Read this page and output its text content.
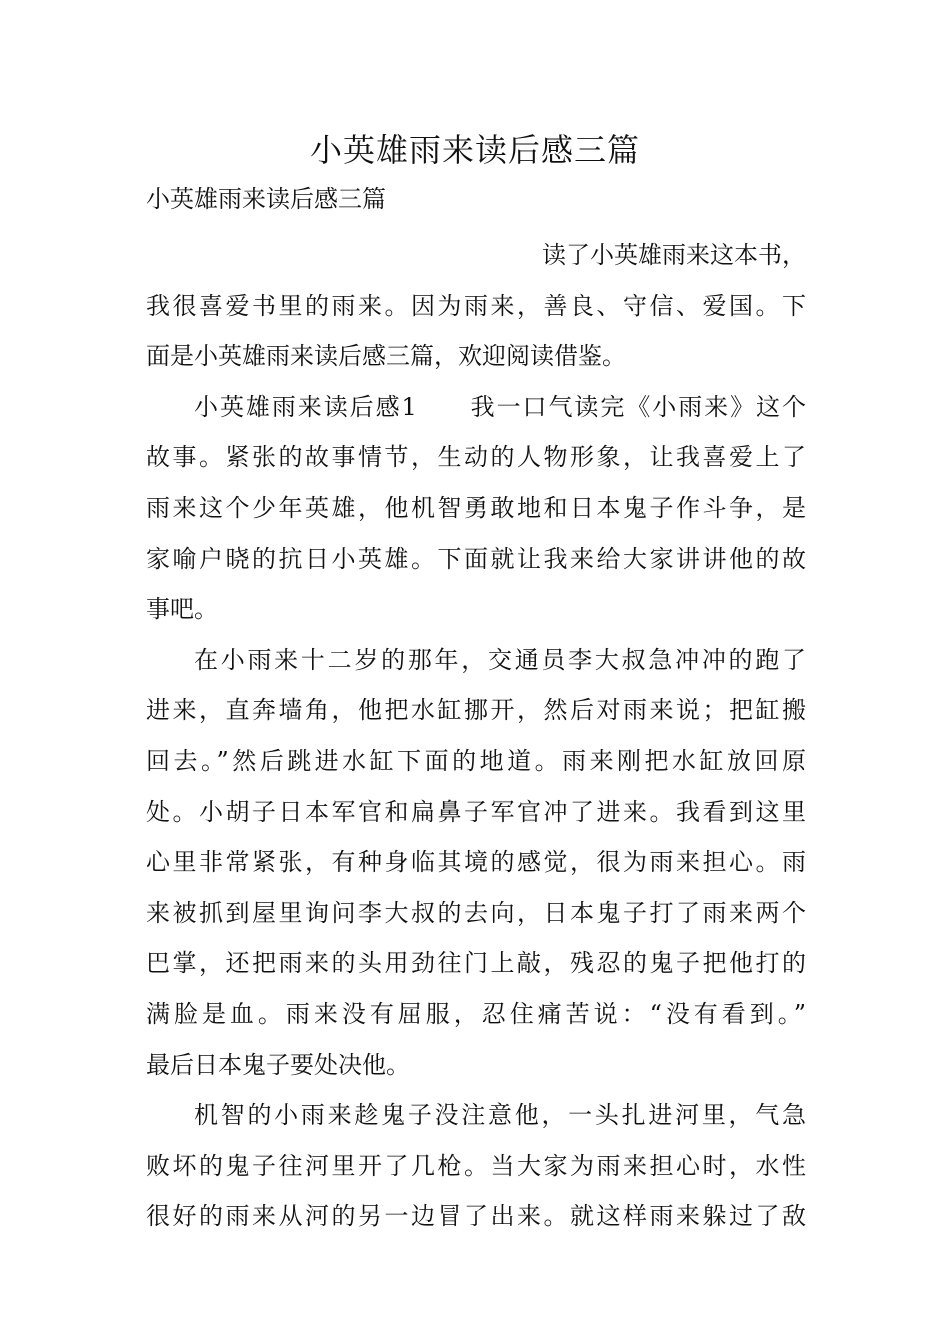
小英雄雨来读后感三篇
小英雄雨来读后感三篇
读了小英雄雨来这本书，
我很喜爱书里的雨来。因为雨来，善良、守信、爱国。下
面是小英雄雨来读后感三篇，欢迎阅读借鉴。
小英雄雨来读后感1　　我一口气读完《小雨来》这个
故事。紧张的故事情节，生动的人物形象，让我喜爱上了
雨来这个少年英雄，他机智勇敢地和日本鬼子作斗争，是
家喻户晓的抗日小英雄。下面就让我来给大家讲讲他的故
事吧。
在小雨来十二岁的那年，交通员李大叔急冲冲的跑了
进来，直奔墙角，他把水缸挪开，然后对雨来说；把缸搬
回去。”然后跳进水缸下面的地道。雨来刚把水缸放回原
处。小胡子日本军官和扁鼻子军官冲了进来。我看到这里
心里非常紧张，有种身临其境的感觉，很为雨来担心。雨
来被抓到屋里询问李大叔的去向，日本鬼子打了雨来两个
巴掌，还把雨来的头用劲往门上敲，残忍的鬼子把他打的
满脸是血。雨来没有屈服，忍住痛苦说：“没有看到。”
最后日本鬼子要处决他。
机智的小雨来趁鬼子没注意他，一头扎进河里，气急
败坏的鬼子往河里开了几枪。当大家为雨来担心时，水性
很好的雨来从河的另一边冒了出来。就这样雨来躲过了敌
